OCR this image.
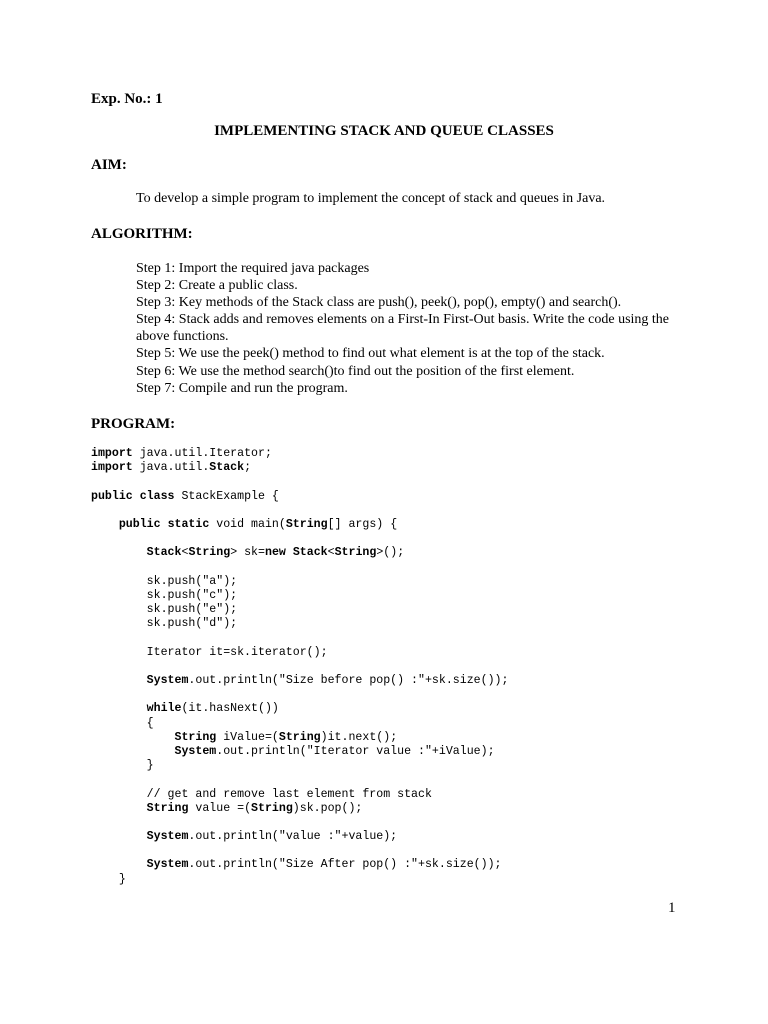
Exp. No.: 1
IMPLEMENTING STACK AND QUEUE CLASSES
AIM:
To develop a simple program to implement the concept of stack and queues in Java.
ALGORITHM:
Step 1: Import the required java packages
Step 2: Create a public class.
Step 3: Key methods of the Stack class are push(), peek(), pop(), empty() and search().
Step 4: Stack adds and removes elements on a First-In First-Out basis. Write the code using the above functions.
Step 5: We use the peek() method to find out what element is at the top of the stack.
Step 6: We use the method search()to find out the position of the first element.
Step 7: Compile and run the program.
PROGRAM:
import java.util.Iterator;
import java.util.Stack;

public class StackExample {

public static void main(String[] args) {

Stack<String> sk=new Stack<String>();

sk.push("a");
sk.push("c");
sk.push("e");
sk.push("d");

Iterator it=sk.iterator();

System.out.println("Size before pop() :"+sk.size());

while(it.hasNext())
{
String iValue=(String)it.next();
System.out.println("Iterator value :"+iValue);
}

// get and remove last element from stack
String value =(String)sk.pop();

System.out.println("value :"+value);

System.out.println("Size After pop() :"+sk.size());
}
1
